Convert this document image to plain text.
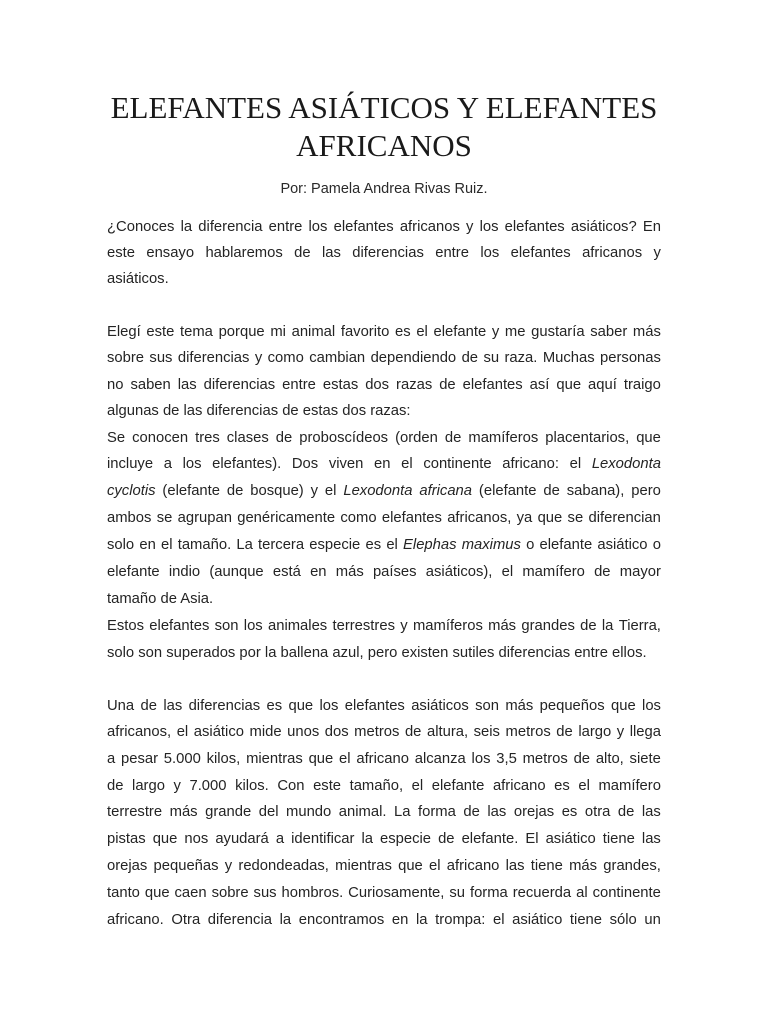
ELEFANTES ASIÁTICOS Y ELEFANTES
AFRICANOS
Por: Pamela Andrea Rivas Ruiz.
¿Conoces la diferencia entre los elefantes africanos y los elefantes asiáticos? En
este ensayo hablaremos de las diferencias entre los elefantes africanos y
asiáticos.
Elegí este tema porque mi animal favorito es el elefante y me gustaría saber más
sobre sus diferencias y como cambian dependiendo de su raza. Muchas personas
no saben las diferencias entre estas dos razas de elefantes así que aquí traigo
algunas de las diferencias de estas dos razas:
Se conocen tres clases de proboscídeos (orden de mamíferos placentarios, que
incluye a los elefantes). Dos viven en el continente africano: el Lexodonta
cyclotis (elefante de bosque) y el Lexodonta africana (elefante de sabana), pero
ambos se agrupan genéricamente como elefantes africanos, ya que se diferencian
solo en el tamaño. La tercera especie es el Elephas maximus o elefante asiático o
elefante indio (aunque está en más países asiáticos), el mamífero de mayor
tamaño de Asia.
Estos elefantes son los animales terrestres y mamíferos más grandes de la Tierra,
solo son superados por la ballena azul, pero existen sutiles diferencias entre ellos.
Una de las diferencias es que los elefantes asiáticos son más pequeños que los
africanos, el asiático mide unos dos metros de altura, seis metros de largo y llega
a pesar 5.000 kilos, mientras que el africano alcanza los 3,5 metros de alto, siete
de largo y 7.000 kilos. Con este tamaño, el elefante africano es el mamífero
terrestre más grande del mundo animal. La forma de las orejas es otra de las
pistas que nos ayudará a identificar la especie de elefante. El asiático tiene las
orejas pequeñas y redondeadas, mientras que el africano las tiene más grandes,
tanto que caen sobre sus hombros. Curiosamente, su forma recuerda al continente
africano. Otra diferencia la encontramos en la trompa: el asiático tiene sólo un
